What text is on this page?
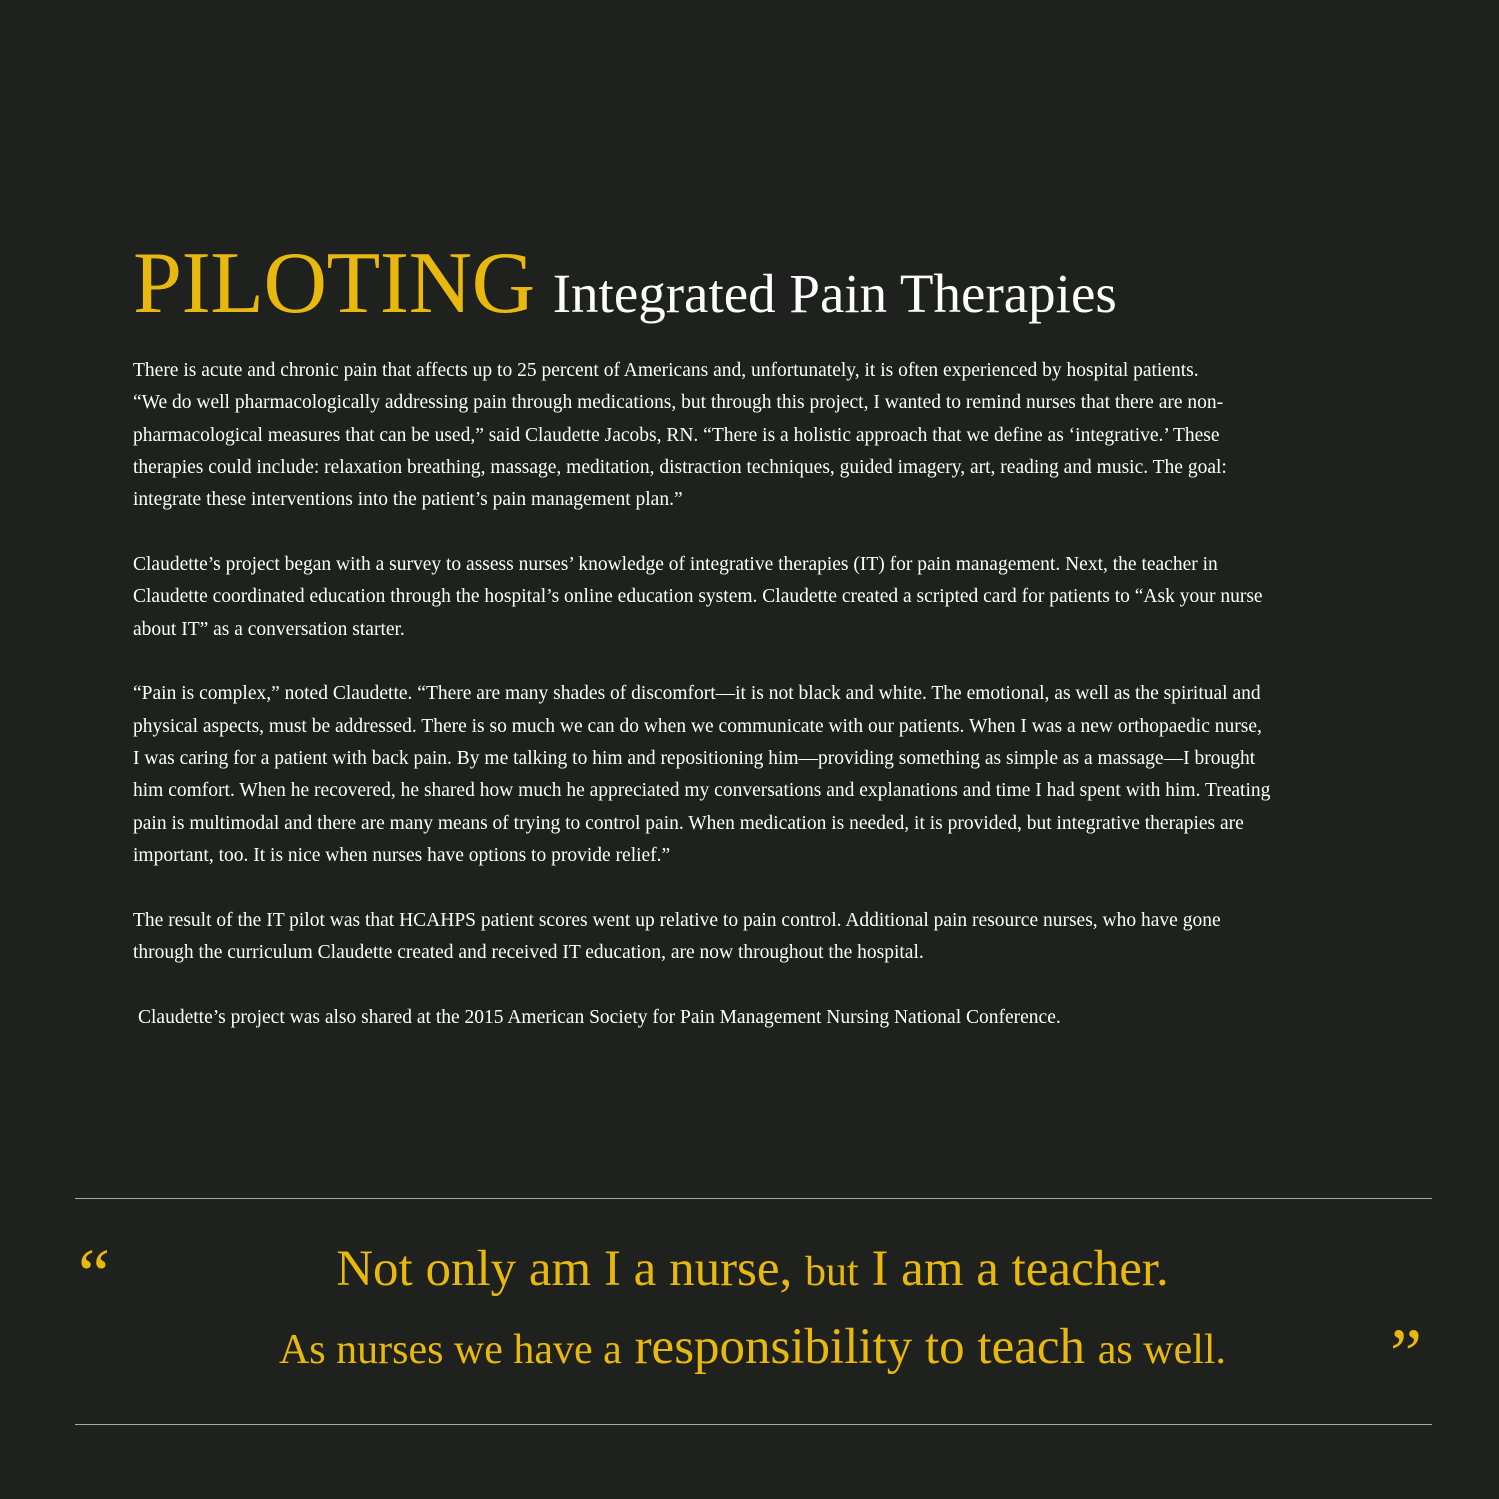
PILOTING Integrated Pain Therapies

There is acute and chronic pain that affects up to 25 percent of Americans and, unfortunately, it is often experienced by hospital patients.
“We do well pharmacologically addressing pain through medications, but through this project, I wanted to remind nurses that there are non-
pharmacological measures that can be used,” said Claudette Jacobs, RN. “There is a holistic approach that we define as ‘integrative.’ These
therapies could include: relaxation breathing, massage, meditation, distraction techniques, guided imagery, art, reading and music. The goal:
integrate these interventions into the patient’s pain management plan.”

Claudette’s project began with a survey to assess nurses’ knowledge of integrative therapies (IT) for pain management. Next, the teacher in
Claudette coordinated education through the hospital’s online education system. Claudette created a scripted card for patients to “Ask your nurse
about IT” as a conversation starter.

“Pain is complex,” noted Claudette. “There are many shades of discomfort—it is not black and white. The emotional, as well as the spiritual and
physical aspects, must be addressed. There is so much we can do when we communicate with our patients. When I was a new orthopaedic nurse,
I was caring for a patient with back pain. By me talking to him and repositioning him—providing something as simple as a massage—I brought
him comfort. When he recovered, he shared how much he appreciated my conversations and explanations and time I had spent with him. Treating
pain is multimodal and there are many means of trying to control pain. When medication is needed, it is provided, but integrative therapies are
important, too. It is nice when nurses have options to provide relief.”

The result of the IT pilot was that HCAHPS patient scores went up relative to pain control. Additional pain resource nurses, who have gone
through the curriculum Claudette created and received IT education, are now throughout the hospital.

Claudette’s project was also shared at the 2015 American Society for Pain Management Nursing National Conference.

“	Not only am I a nurse, but I am a teacher.
As nurses we have a responsibility to teach as well.	”
